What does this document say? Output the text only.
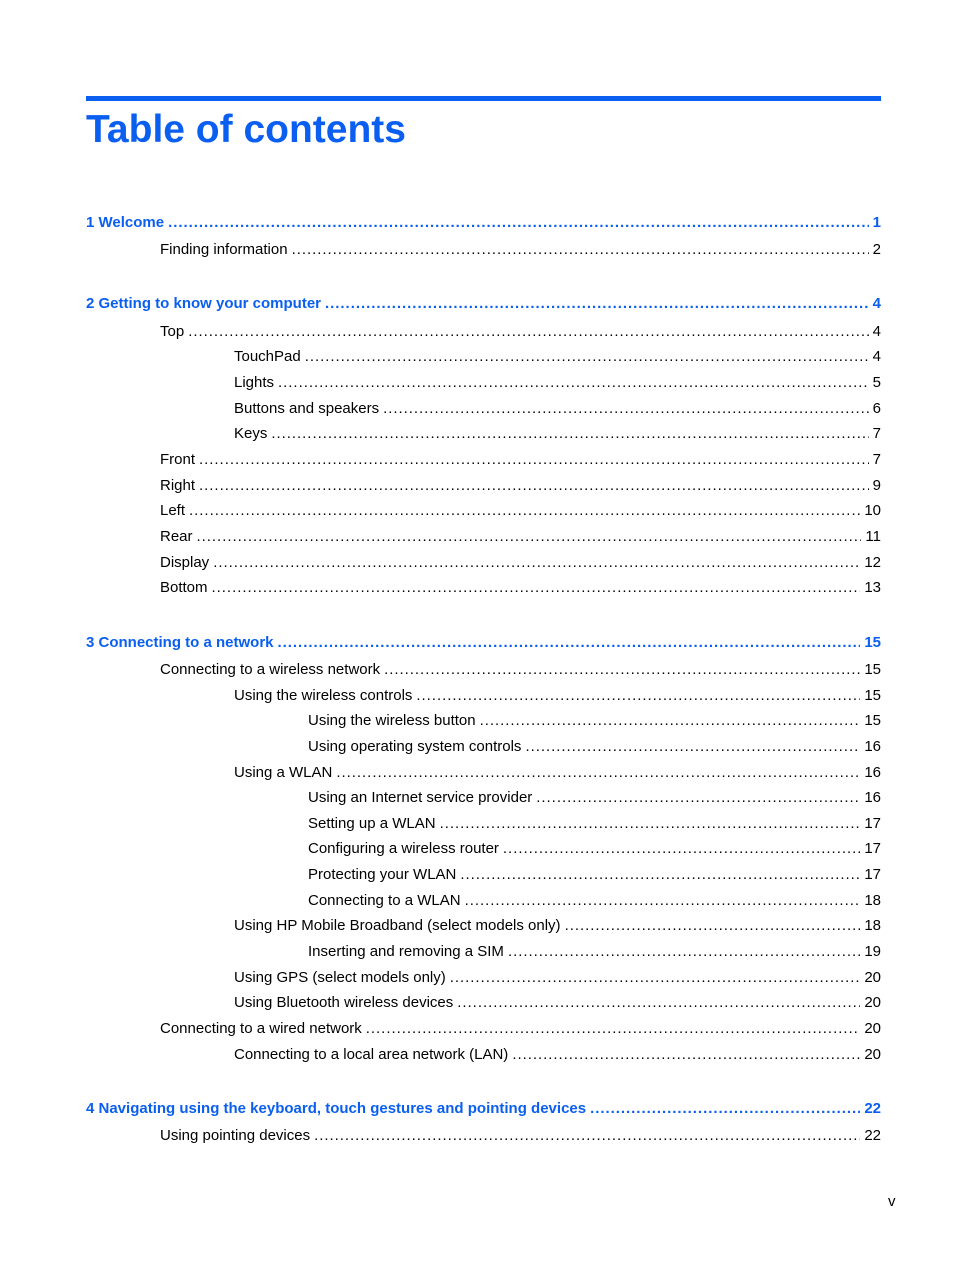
Table of contents
1 Welcome . . .	1
Finding information . . .	2
2 Getting to know your computer . . .	4
Top . . .	4
TouchPad . . .	4
Lights . . .	5
Buttons and speakers . . .	6
Keys . . .	7
Front . . .	7
Right . . .	9
Left . . .	10
Rear . . .	11
Display . . .	12
Bottom . . .	13
3 Connecting to a network . . .	15
Connecting to a wireless network . . .	15
Using the wireless controls . . .	15
Using the wireless button . . .	15
Using operating system controls . . .	16
Using a WLAN . . .	16
Using an Internet service provider . . .	16
Setting up a WLAN . . .	17
Configuring a wireless router . . .	17
Protecting your WLAN . . .	17
Connecting to a WLAN . . .	18
Using HP Mobile Broadband (select models only) . . .	18
Inserting and removing a SIM . . .	19
Using GPS (select models only) . . .	20
Using Bluetooth wireless devices . . .	20
Connecting to a wired network . . .	20
Connecting to a local area network (LAN) . . .	20
4 Navigating using the keyboard, touch gestures and pointing devices . . .	22
Using pointing devices . . .	22
v
